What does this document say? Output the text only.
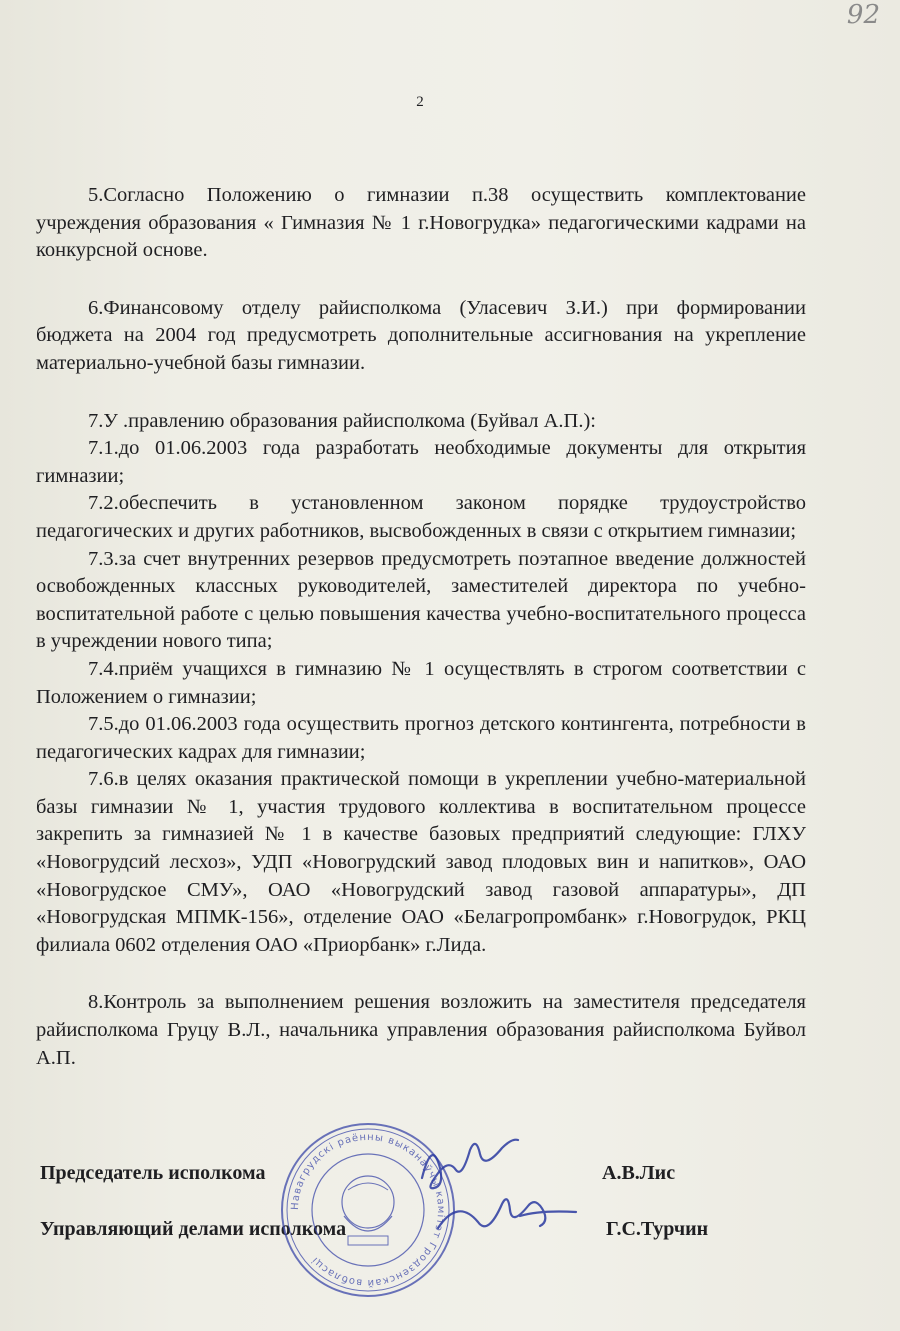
92
2

5.Согласно Положению о гимназии п.38 осуществить комплектование учреждения образования « Гимназия № 1 г.Новогрудка» педагогическими кадрами на конкурсной основе.

6.Финансовому отделу райисполкома (Уласевич З.И.) при формировании бюджета на 2004 год предусмотреть дополнительные ассигнования на укрепление материально-учебной базы гимназии.

7.У .правлению образования райисполкома (Буйвал А.П.):

7.1.до 01.06.2003 года разработать необходимые документы для открытия гимназии;

7.2.обеспечить в установленном законом порядке трудоустройство педагогических и других работников, высвобожденных в связи с открытием гимназии;

7.3.за счет внутренних резервов предусмотреть поэтапное введение должностей освобожденных классных руководителей, заместителей директора по учебно-воспитательной работе с целью повышения качества учебно-воспитательного процесса в учреждении нового типа;

7.4.приём учащихся в гимназию № 1 осуществлять в строгом соответствии с Положением о гимназии;

7.5.до 01.06.2003 года осуществить прогноз детского контингента, потребности в педагогических кадрах для гимназии;

7.6.в целях оказания практической помощи в укреплении учебно-материальной базы гимназии № 1, участия трудового коллектива в воспитательном процессе закрепить за гимназией № 1 в качестве базовых предприятий следующие: ГЛХУ «Новогрудсий лесхоз», УДП «Новогрудский завод плодовых вин и напитков», ОАО «Новогрудское СМУ», ОАО «Новогрудский завод газовой аппаратуры», ДП «Новогрудская МПМК-156», отделение ОАО «Белагропромбанк» г.Новогрудок, РКЦ филиала 0602 отделения ОАО «Приорбанк» г.Лида.

8.Контроль за выполнением решения возложить на заместителя председателя райисполкома Груцу В.Л., начальника управления образования райисполкома Буйвол А.П.

Председатель исполкома	А.В.Лис
Управляющий делами исполкома	Г.С.Турчин
Навагрудскі раённы выканаўчы камітэт Гродзенскай вобласці
